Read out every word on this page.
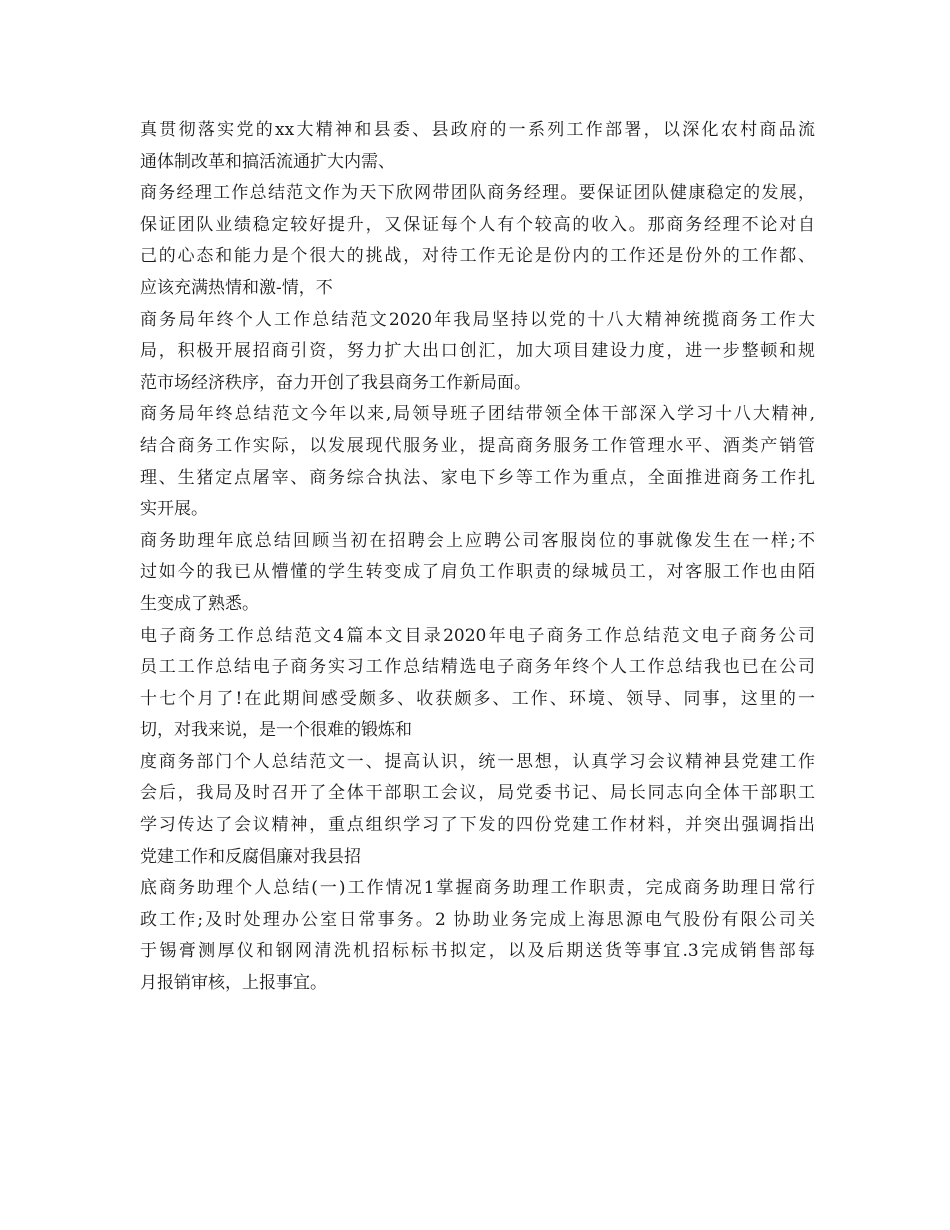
真贯彻落实党的xx大精神和县委、县政府的一系列工作部署，以深化农村商品流
通体制改革和搞活流通扩大内需、
商务经理工作总结范文作为天下欣网带团队商务经理。要保证团队健康稳定的发展，
保证团队业绩稳定较好提升，又保证每个人有个较高的收入。那商务经理不论对自
己的心态和能力是个很大的挑战，对待工作无论是份内的工作还是份外的工作都、
应该充满热情和激-情，不
商务局年终个人工作总结范文2020年我局坚持以党的十八大精神统揽商务工作大
局，积极开展招商引资，努力扩大出口创汇，加大项目建设力度，进一步整顿和规
范市场经济秩序，奋力开创了我县商务工作新局面。
商务局年终总结范文今年以来,局领导班子团结带领全体干部深入学习十八大精神,
结合商务工作实际，以发展现代服务业，提高商务服务工作管理水平、酒类产销管
理、生猪定点屠宰、商务综合执法、家电下乡等工作为重点，全面推进商务工作扎
实开展。
商务助理年底总结回顾当初在招聘会上应聘公司客服岗位的事就像发生在一样;不
过如今的我已从懵懂的学生转变成了肩负工作职责的绿城员工，对客服工作也由陌
生变成了熟悉。
电子商务工作总结范文4篇本文目录2020年电子商务工作总结范文电子商务公司
员工工作总结电子商务实习工作总结精选电子商务年终个人工作总结我也已在公司
十七个月了!在此期间感受颇多、收获颇多、工作、环境、领导、同事，这里的一
切，对我来说，是一个很难的锻炼和
度商务部门个人总结范文一、提高认识，统一思想，认真学习会议精神县党建工作
会后，我局及时召开了全体干部职工会议，局党委书记、局长同志向全体干部职工
学习传达了会议精神，重点组织学习了下发的四份党建工作材料，并突出强调指出
党建工作和反腐倡廉对我县招
底商务助理个人总结(一)工作情况1掌握商务助理工作职责，完成商务助理日常行
政工作;及时处理办公室日常事务。2 协助业务完成上海思源电气股份有限公司关
于锡膏测厚仪和钢网清洗机招标标书拟定，以及后期送货等事宜.3完成销售部每
月报销审核，上报事宜。
